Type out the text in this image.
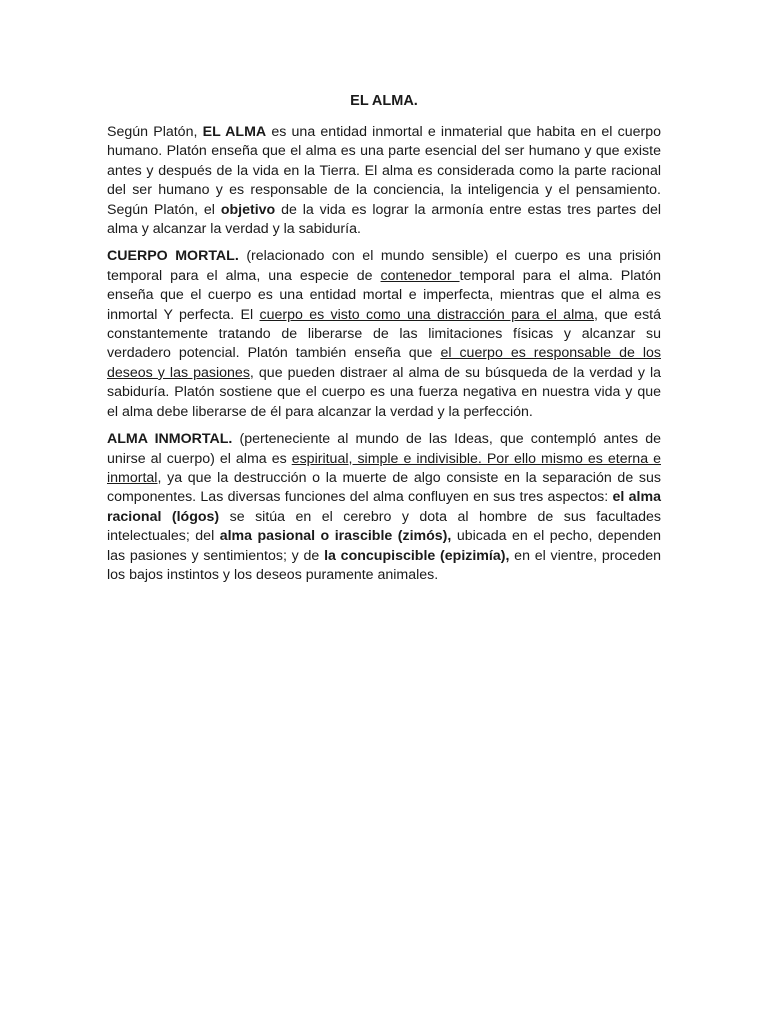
EL ALMA.

Según Platón, EL ALMA es una entidad inmortal e inmaterial que habita en el cuerpo humano. Platón enseña que el alma es una parte esencial del ser humano y que existe antes y después de la vida en la Tierra. El alma es considerada como la parte racional del ser humano y es responsable de la conciencia, la inteligencia y el pensamiento. Según Platón, el objetivo de la vida es lograr la armonía entre estas tres partes del alma y alcanzar la verdad y la sabiduría.

CUERPO MORTAL. (relacionado con el mundo sensible) el cuerpo es una prisión temporal para el alma, una especie de contenedor temporal para el alma. Platón enseña que el cuerpo es una entidad mortal e imperfecta, mientras que el alma es inmortal Y perfecta. El cuerpo es visto como una distracción para el alma, que está constantemente tratando de liberarse de las limitaciones físicas y alcanzar su verdadero potencial. Platón también enseña que el cuerpo es responsable de los deseos y las pasiones, que pueden distraer al alma de su búsqueda de la verdad y la sabiduría. Platón sostiene que el cuerpo es una fuerza negativa en nuestra vida y que el alma debe liberarse de él para alcanzar la verdad y la perfección.

ALMA INMORTAL. (perteneciente al mundo de las Ideas, que contempló antes de unirse al cuerpo) el alma es espiritual, simple e indivisible. Por ello mismo es eterna e inmortal, ya que la destrucción o la muerte de algo consiste en la separación de sus componentes. Las diversas funciones del alma confluyen en sus tres aspectos: el alma racional (lógos) se sitúa en el cerebro y dota al hombre de sus facultades intelectuales; del alma pasional o irascible (zimós), ubicada en el pecho, dependen las pasiones y sentimientos; y de la concupiscible (epizimía), en el vientre, proceden los bajos instintos y los deseos puramente animales.
